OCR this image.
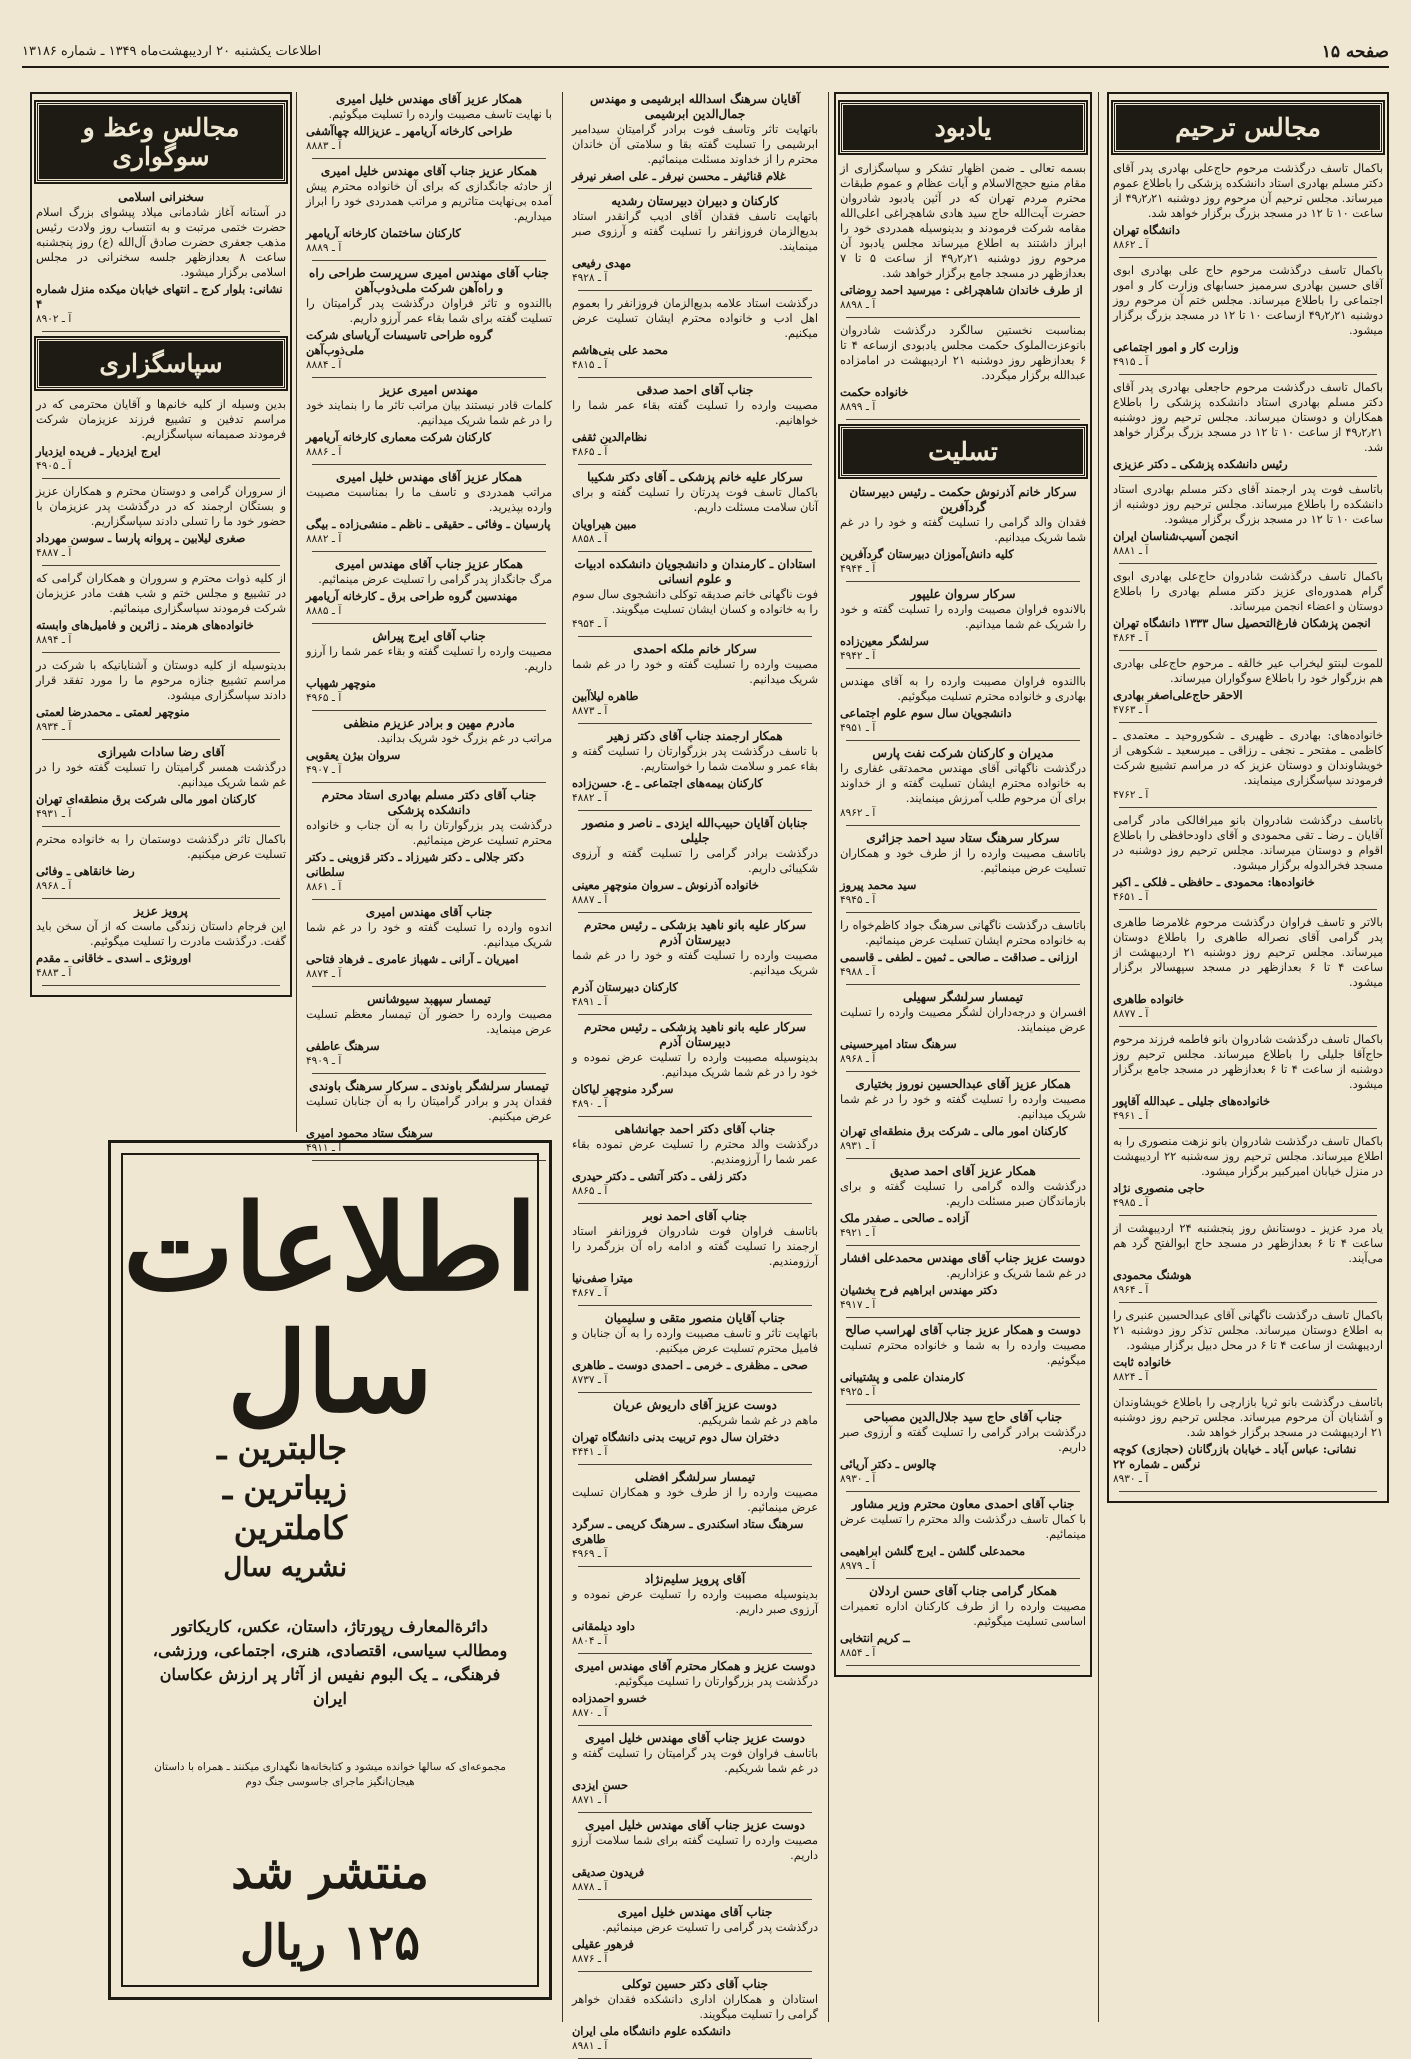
صفحه ۱۵
اطلاعات یکشنبه ۲۰ اردیبهشت‌ماه ۱۳۴۹ ـ شماره ۱۳۱۸۶
مجالس ترحیم
باکمال تاسف درگذشت مرحوم حاج‌علی بهادری پدر آقای دکتر مسلم بهادری استاد دانشکده پزشکی را باطلاع عموم میرساند. مجلس ترحیم آن مرحوم روز دوشنبه ۴۹٫۲٫۲۱ از ساعت ۱۰ تا ۱۲ در مسجد بزرگ برگزار خواهد شد.
دانشگاه تهران
آ ـ ۸۸۶۲
باکمال تاسف درگذشت مرحوم حاج علی بهادری ابوی آقای حسین بهادری سرممیز حسابهای وزارت کار و امور اجتماعی را باطلاع میرساند. مجلس ختم آن مرحوم روز دوشنبه ۴۹٫۲٫۲۱ ازساعت ۱۰ تا ۱۲ در مسجد بزرگ برگزار میشود.
وزارت کار و امور اجتماعی
آ ـ ۴۹۱۵
باکمال تاسف درگذشت مرحوم حاجعلی بهادری پدر آقای دکتر مسلم بهادری استاد دانشکده پزشکی را باطلاع همکاران و دوستان میرساند. مجلس ترحیم روز دوشنبه ۴۹٫۲٫۲۱ از ساعت ۱۰ تا ۱۲ در مسجد بزرگ برگزار خواهد شد.
رئیس دانشکده پزشکی ـ دکتر عزیزی
باتاسف فوت پدر ارجمند آقای دکتر مسلم بهادری استاد دانشکده را باطلاع میرساند. مجلس ترحیم روز دوشنبه از ساعت ۱۰ تا ۱۲ در مسجد بزرگ برگزار میشود.
انجمن آسیب‌شناسان ایران
آ ـ ۸۸۸۱
باکمال تاسف درگذشت شادروان حاج‌علی بهادری ابوی گرام همدوره‌ای عزیز دکتر مسلم بهادری را باطلاع دوستان و اعضاء انجمن میرساند.
انجمن پزشکان فارغ‌التحصیل سال ۱۳۳۳ دانشگاه تهران
آ ـ ۴۸۶۴
للموت لبنتو لیخراب عیر خالقه ـ مرحوم حاج‌علی بهادری هم بزرگوار خود را باطلاع سوگواران میرساند.
الاحقر حاج‌علی‌اصغر بهادری
آ ـ ۴۷۶۳
خانواده‌های: بهادری ـ ظهیری ـ شکوروحید ـ معتمدی ـ کاظمی ـ مفتحر ـ نجفی ـ رزاقی ـ میرسعید ـ شکوهی از خویشاوندان و دوستان عزیز که در مراسم تشییع شرکت فرمودند سپاسگزاری مینمایند.
آ ـ ۴۷۶۲
باتاسف درگذشت شادروان بانو میرافالکی مادر گرامی آقایان ـ رضا ـ تقی محمودی و آقای داودحافظی را باطلاع اقوام و دوستان میرساند. مجلس ترحیم روز دوشنبه در مسجد فخرالدوله برگزار میشود.
خانواده‌ها: محمودی ـ حافظی ـ فلکی ـ اکبر
آ ـ ۴۶۵۱
بالاتر و تاسف فراوان درگذشت مرحوم غلامرضا طاهری پدر گرامی آقای نصراله طاهری را باطلاع دوستان میرساند. مجلس ترحیم روز دوشنبه ۲۱ اردیبهشت از ساعت ۴ تا ۶ بعدازظهر در مسجد سپهسالار برگزار میشود.
خانواده طاهری
آ ـ ۸۸۷۷
باکمال تاسف درگذشت شادروان بانو فاطمه فرزند مرحوم حاج‌آقا جلیلی را باطلاع میرساند. مجلس ترحیم روز دوشنبه از ساعت ۴ تا ۶ بعدازظهر در مسجد جامع برگزار میشود.
خانواده‌های جلیلی ـ عبدالله آقاپور
آ ـ ۴۹۶۱
باکمال تاسف درگذشت شادروان بانو نزهت منصوری را به اطلاع میرساند. مجلس ترحیم روز سه‌شنبه ۲۲ اردیبهشت در منزل خیابان امیرکبیر برگزار میشود.
حاجی منصوری نژاد
آ ـ ۴۹۸۵
یاد مرد عزیز ـ دوستانش روز پنجشنبه ۲۴ اردیبهشت از ساعت ۴ تا ۶ بعدازظهر در مسجد حاج ابوالفتح گرد هم می‌آیند.
هوشنگ محمودی
آ ـ ۸۹۶۴
باکمال تاسف درگذشت ناگهانی آقای عبدالحسین عنبری را به اطلاع دوستان میرساند. مجلس تذکر روز دوشنبه ۲۱ اردیبهشت از ساعت ۴ تا ۶ در محل دبیل برگزار میشود.
خانواده ثابت
آ ـ ۸۸۲۴
باتاسف درگذشت بانو ثریا بازارچی را باطلاع خویشاوندان و آشنایان آن مرحوم میرساند. مجلس ترحیم روز دوشنبه ۲۱ اردیبهشت در مسجد برگزار خواهد شد.
نشانی: عباس آباد ـ خیابان بازرگانان (حجازی) کوچه نرگس ـ شماره ۲۲
آ ـ ۸۹۳۰
یادبود
بسمه تعالی ـ ضمن اظهار تشکر و سپاسگزاری از مقام منیع حجج‌الاسلام و آیات عظام و عموم طبقات محترم مردم تهران که در آئین یادبود شادروان حضرت آیت‌الله حاج سید هادی شاهچراغی اعلی‌الله مقامه شرکت فرمودند و بدینوسیله همدردی خود را ابراز داشتند به اطلاع میرساند مجلس یادبود آن مرحوم روز دوشنبه ۴۹٫۲٫۲۱ از ساعت ۵ تا ۷ بعدازظهر در مسجد جامع برگزار خواهد شد.
از طرف خاندان شاهچراغی : میرسید احمد روضاتی
آ ـ ۸۸۹۸
بمناسبت نخستین سالگرد درگذشت شادروان بانوعزت‌الملوک حکمت مجلس یادبودی ازساعه ۴ تا ۶ بعدازظهر روز دوشنبه ۲۱ اردیبهشت در امامزاده عبدالله برگزار میگردد.
خانواده حکمت
آ ـ ۸۸۹۹
تسلیت
سرکار خانم آذرنوش حکمت ـ رئیس دبیرستان گردآفرین
فقدان والد گرامی را تسلیت گفته و خود را در غم شما شریک میدانیم.
کلیه دانش‌آموزان دبیرستان گردآفرین
آ ـ ۴۹۴۴
سرکار سروان علیپور
بالاندوه فراوان مصیبت وارده را تسلیت گفته و خود را شریک غم شما میدانیم.
سرلشگر معین‌زاده
آ ـ ۴۹۴۲
باالندوه فراوان مصیبت وارده را به آقای مهندس بهادری و خانواده محترم تسلیت میگوئیم.
دانشجویان سال سوم علوم اجتماعی
آ ـ ۴۹۵۱
مدیران و کارکنان شرکت نفت پارس
درگذشت ناگهانی آقای مهندس محمدتقی غفاری را به خانواده محترم ایشان تسلیت گفته و از خداوند برای آن مرحوم طلب آمرزش مینمایند.
آ ـ ۸۹۶۲
سرکار سرهنگ ستاد سید احمد جزائری
باتاسف مصیبت وارده را از طرف خود و همکاران تسلیت عرض مینمائیم.
سید محمد پیروز
آ ـ ۴۹۴۵
باتاسف درگذشت ناگهانی سرهنگ جواد کاظم‌خواه را به خانواده محترم ایشان تسلیت عرض مینمائیم.
ارزانی ـ صداقت ـ صالحی ـ ثمین ـ لطفی ـ قاسمی
آ ـ ۴۹۸۸
تیمسار سرلشگر سهیلی
افسران و درجه‌داران لشگر مصیبت وارده را تسلیت عرض مینمایند.
سرهنگ ستاد امیرحسینی
آ ـ ۸۹۶۸
همکار عزیز آقای عبدالحسین نوروز بختیاری
مصیبت وارده را تسلیت گفته و خود را در غم شما شریک میدانیم.
کارکنان امور مالی ـ شرکت برق منطقه‌ای تهران
آ ـ ۸۹۳۱
همکار عزیز آقای احمد صدیق
درگذشت والده گرامی را تسلیت گفته و برای بازماندگان صبر مسئلت داریم.
آزاده ـ صالحی ـ صفدر ملک
آ ـ ۴۹۲۱
دوست عزیز جناب آقای مهندس محمدعلی افشار
در غم شما شریک و عزاداریم.
دکتر مهندس ابراهیم فرح بخشیان
آ ـ ۴۹۱۷
دوست و همکار عزیز جناب آقای لهراسب صالح
مصیبت وارده را به شما و خانواده محترم تسلیت میگوئیم.
کارمندان علمی و پشتیبانی
آ ـ ۴۹۲۵
جناب آقای حاج سید جلال‌الدین مصباحی
درگذشت برادر گرامی را تسلیت گفته و آرزوی صبر داریم.
چالوس ـ دکتر آریائی
آ ـ ۸۹۳۰
جناب آقای احمدی معاون محترم وزیر مشاور
با کمال تاسف درگذشت والد محترم را تسلیت عرض مینمائیم.
محمدعلی گلشن ـ ایرج گلشن ابراهیمی
آ ـ ۸۹۷۹
همکار گرامی جناب آقای حسن اردلان
مصیبت وارده را از طرف کارکنان اداره تعمیرات اساسی تسلیت میگوئیم.
ــ کریم انتخابی
آ ـ ۸۸۵۴
آقایان سرهنگ اسدالله ابرشیمی و مهندس جمال‌الدین ابرشیمی
باتهایت تاثر وتاسف فوت برادر گرامیتان سیدامیر ابرشیمی را تسلیت گفته بقا و سلامتی آن خاندان محترم را از خداوند مسئلت مینمائیم.
غلام قنائیفر ـ محسن نیرفر ـ علی اصغر نیرفر
کارکنان و دبیران دبیرستان رشدیه
باتهایت تاسف فقدان آقای ادیب گرانقدر استاد بدیع‌الزمان فروزانفر را تسلیت گفته و آرزوی صبر مینمایند.
مهدی رفیعی
آ ـ ۴۹۲۸
درگذشت استاد علامه بدیع‌الزمان فروزانفر را بعموم اهل ادب و خانواده محترم ایشان تسلیت عرض میکنیم.
محمد علی بنی‌هاشم
آ ـ ۴۸۱۵
جناب آقای احمد صدقی
مصیبت وارده را تسلیت گفته بقاء عمر شما را خواهانیم.
نظام‌الدین ثقفی
آ ـ ۴۸۶۵
سرکار علیه خانم پزشکی ـ آقای دکتر شکیبا
باکمال تاسف فوت پدرتان را تسلیت گفته و برای آنان سلامت مسئلت داریم.
مبین هیراویان
آ ـ ۸۸۵۸
استادان ـ کارمندان و دانشجویان دانشکده ادبیات و علوم انسانی
فوت ناگهانی خانم صدیقه توکلی دانشجوی سال سوم را به خانواده و کسان ایشان تسلیت میگویند.
آ ـ ۴۹۵۴
سرکار خانم ملکه احمدی
مصیبت وارده را تسلیت گفته و خود را در غم شما شریک میدانیم.
طاهره لیلاآبین
آ ـ ۸۸۷۳
همکار ارجمند جناب آقای دکتر زهیر
با تاسف درگذشت پدر بزرگوارتان را تسلیت گفته و بقاء عمر و سلامت شما را خواستاریم.
کارکنان بیمه‌های اجتماعی ـ ع. حسن‌زاده
آ ـ ۴۸۸۲
جنابان آقایان حبیب‌الله ایزدی ـ ناصر و منصور جلیلی
درگذشت برادر گرامی را تسلیت گفته و آرزوی شکیبائی داریم.
خانواده آذرنوش ـ سروان منوچهر معینی
آ ـ ۸۸۸۷
سرکار علیه بانو ناهید بزشکی ـ رئیس محترم دبیرستان آذرم
مصیبت وارده را تسلیت گفته و خود را در غم شما شریک میدانیم.
کارکنان دبیرستان آذرم
آ ـ ۴۸۹۱
سرکار علیه بانو ناهید پزشکی ـ رئیس محترم دبیرستان آذرم
بدینوسیله مصیبت وارده را تسلیت عرض نموده و خود را در غم شما شریک میدانیم.
سرگرد منوچهر لیاکان
آ ـ ۴۸۹۰
جناب آقای دکتر احمد جهانشاهی
درگذشت والد محترم را تسلیت عرض نموده بقاء عمر شما را آرزومندیم.
دکتر زلفی ـ دکتر آتشی ـ دکتر حیدری
آ ـ ۸۸۶۵
جناب آقای احمد نوبر
باتاسف فراوان فوت شادروان فروزانفر استاد ارجمند را تسلیت گفته و ادامه راه آن بزرگمرد را آرزومندیم.
میترا صفی‌نیا
آ ـ ۴۸۶۷
جناب آقایان منصور متقی و سلیمیان
باتهایت تاثر و تاسف مصیبت وارده را به آن جنابان و فامیل محترم تسلیت عرض میکنیم.
صحی ـ مظفری ـ خرمی ـ احمدی دوست ـ طاهری
آ ـ ۸۷۳۷
دوست عزیز آقای داریوش عریان
ماهم در غم شما شریکیم.
دختران سال دوم تربیت بدنی دانشگاه تهران
آ ـ ۴۴۴۱
تیمسار سرلشگر افضلی
مصیبت وارده را از طرف خود و همکاران تسلیت عرض مینمائیم.
سرهنگ ستاد اسکندری ـ سرهنگ کریمی ـ سرگرد طاهری
آ ـ ۴۹۶۹
آقای پرویز سلیم‌نژاد
بدینوسیله مصیبت وارده را تسلیت عرض نموده و آرزوی صبر داریم.
داود دیلمقانی
آ ـ ۸۸۰۴
دوست عزیز و همکار محترم آقای مهندس امیری
درگذشت پدر بزرگوارتان را تسلیت میگوئیم.
خسرو احمدزاده
آ ـ ۸۸۷۰
دوست عزیز جناب آقای مهندس خلیل امیری
باتاسف فراوان فوت پدر گرامیتان را تسلیت گفته و در غم شما شریکیم.
حسن ایزدی
آ ـ ۸۸۷۱
دوست عزیز جناب آقای مهندس خلیل امیری
مصیبت وارده را تسلیت گفته برای شما سلامت آرزو داریم.
فریدون صدیقی
آ ـ ۸۸۷۸
جناب آقای مهندس خلیل امیری
درگذشت پدر گرامی را تسلیت عرض مینمائیم.
فرهور عقیلی
آ ـ ۸۸۷۶
جناب آقای دکتر حسین توکلی
استادان و همکاران اداری دانشکده فقدان خواهر گرامی را تسلیت میگویند.
دانشکده علوم دانشگاه ملی ایران
آ ـ ۸۹۸۱
همکار عزیز آقای مهندس خلیل امیری
با نهایت تاسف مصیبت وارده را تسلیت میگوئیم.
طراحی کارخانه آریامهر ـ عزیزالله چهاآشفی
آ ـ ۸۸۸۳
همکار عزیز جناب آقای مهندس خلیل امیری
از حادثه جانگدازی که برای آن خانواده محترم پیش آمده بی‌نهایت متاثریم و مراتب همدردی خود را ابراز میداریم.
کارکنان ساختمان کارخانه آریامهر
آ ـ ۸۸۸۹
جناب آقای مهندس امیری سرپرست طراحی راه و راه‌آهن شرکت ملی‌ذوب‌آهن
باالندوه و تاثر فراوان درگذشت پدر گرامیتان را تسلیت گفته برای شما بقاء عمر آرزو داریم.
گروه طراحی تاسیسات آریاسای شرکت ملی‌ذوب‌آهن
آ ـ ۸۸۸۴
مهندس امیری عزیز
کلمات قادر نیستند بیان مراتب تاثر ما را بنمایند خود را در غم شما شریک میدانیم.
کارکنان شرکت معماری کارخانه آریامهر
آ ـ ۸۸۸۶
همکار عزیز آقای مهندس خلیل امیری
مراتب همدردی و تاسف ما را بمناسبت مصیبت وارده بپذیرید.
پارسیان ـ وفائی ـ حقیقی ـ ناظم ـ منشی‌زاده ـ بیگی
آ ـ ۸۸۸۲
همکار عزیز جناب آقای مهندس امیری
مرگ جانگداز پدر گرامی را تسلیت عرض مینمائیم.
مهندسین گروه طراحی برق ـ کارخانه آریامهر
آ ـ ۸۸۸۵
جناب آقای ایرج پیراش
مصیبت وارده را تسلیت گفته و بقاء عمر شما را آرزو داریم.
منوچهر شهپاب
آ ـ ۴۹۶۵
مادرم مهین و برادر عزیزم منظفی
مراتب در غم بزرگ خود شریک بدانید.
سروان بیژن یعقوبی
آ ـ ۴۹۰۷
جناب آقای دکتر مسلم بهادری استاد محترم دانشکده پزشکی
درگذشت پدر بزرگوارتان را به آن جناب و خانواده محترم تسلیت عرض مینمائیم.
دکتر جلالی ـ دکتر شیرزاد ـ دکتر قزوینی ـ دکتر سلطانی
آ ـ ۸۸۶۱
جناب آقای مهندس امیری
اندوه وارده را تسلیت گفته و خود را در غم شما شریک میدانیم.
امیریان ـ آرانی ـ شهباز عامری ـ فرهاد فتاحی
آ ـ ۸۸۷۴
تیمسار سپهبد سیوشانس
مصیبت وارده را حضور آن تیمسار معظم تسلیت عرض مینماید.
سرهنگ عاطفی
آ ـ ۴۹۰۹
تیمسار سرلشگر باوندی ـ سرکار سرهنگ باوندی
فقدان پدر و برادر گرامیتان را به آن جنابان تسلیت عرض میکنیم.
سرهنگ ستاد محمود امیری
آ ـ ۴۹۱۱
مجالس وعظ و سوگواری
سخنرانی اسلامی
در آستانه آغاز شادمانی میلاد پیشوای بزرگ اسلام حضرت ختمی مرتبت و به انتساب روز ولادت رئیس مذهب جعفری حضرت صادق آل‌الله (ع) روز پنجشنبه ساعت ۸ بعدازظهر جلسه سخنرانی در مجلس اسلامی برگزار میشود.
نشانی: بلوار کرج ـ انتهای خیابان میکده منزل شماره ۴
آ ـ ۸۹۰۲
سپاسگزاری
بدین وسیله از کلیه خانم‌ها و آقایان محترمی که در مراسم تدفین و تشییع فرزند عزیزمان شرکت فرمودند صمیمانه سپاسگزاریم.
ایرج ایزدیار ـ فریده ایزدیار
آ ـ ۴۹۰۵
از سروران گرامی و دوستان محترم و همکاران عزیز و بستگان ارجمند که در درگذشت پدر عزیزمان با حضور خود ما را تسلی دادند سپاسگزاریم.
صغری لیلابین ـ پروانه پارسا ـ سوسن مهرداد
آ ـ ۴۸۸۷
از کلیه ذوات محترم و سروران و همکاران گرامی که در تشییع و مجلس ختم و شب هفت مادر عزیزمان شرکت فرمودند سپاسگزاری مینمائیم.
خانواده‌های هرمند ـ زائرین و فامیل‌های وابسته
آ ـ ۸۸۹۴
بدینوسیله از کلیه دوستان و آشنایانیکه با شرکت در مراسم تشییع جنازه مرحوم ما را مورد تفقد قرار دادند سپاسگزاری میشود.
منوچهر لعمتی ـ محمدرضا لعمتی
آ ـ ۸۹۳۴
آقای رضا سادات شیرازی
درگذشت همسر گرامیتان را تسلیت گفته خود را در غم شما شریک میدانیم.
کارکنان امور مالی شرکت برق منطقه‌ای تهران
آ ـ ۴۹۳۱
باکمال تاثر درگذشت دوستمان را به خانواده محترم تسلیت عرض میکنیم.
رضا خانقاهی ـ وفائی
آ ـ ۸۹۶۸
پرویز عزیز
این فرجام داستان زندگی ماست که از آن سخن باید گفت. درگذشت مادرت را تسلیت میگوئیم.
اورونژی ـ اسدی ـ خاقانی ـ مقدم
آ ـ ۴۸۸۳
اطلاعات
سال
جالبترین ـ
زیباترین ـ
کاملترین
نشریه سال
دائرةالمعارف رپورتاژ، داستان، عکس، کاریکاتور ومطالب سیاسی، اقتصادی، هنری، اجتماعی، ورزشی، فرهنگی، ـ یک‌ البوم نفیس از آثار پر ارزش عکاسان ایران
مجموعه‌ای که سالها خوانده میشود و کتابخانه‌ها نگهداری میکنند ـ همراه با داستان هیجان‌انگیز ماجرای جاسوسی جنگ دوم
منتشر شد
۱۲۵ ریال
